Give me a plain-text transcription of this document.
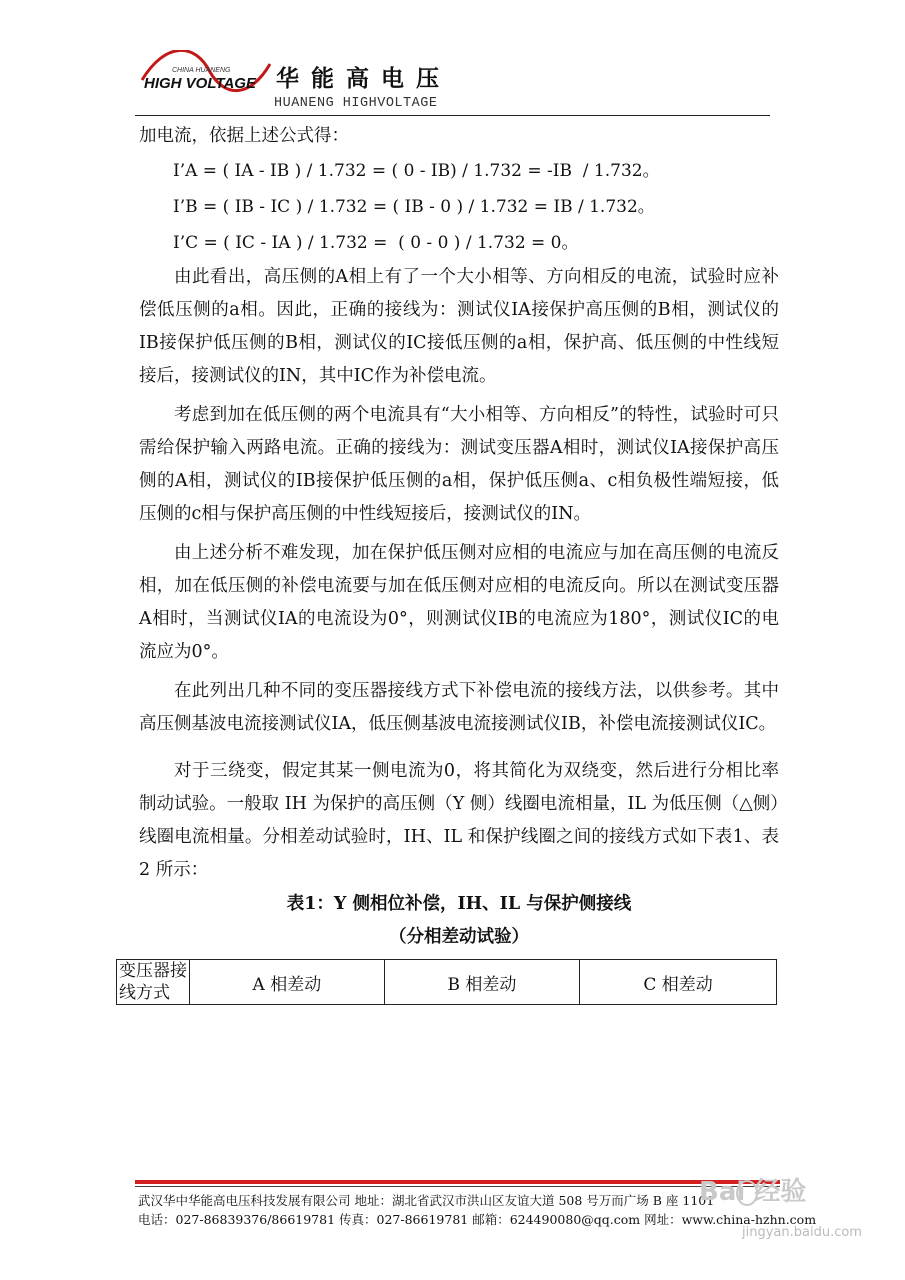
CHINA HUANENG
HIGH VOLTAGE 华能高电压
HUANENG HIGHVOLTAGE

加电流，依据上述公式得：

I’A = ( IA - IB ) / 1.732 = ( 0 - IB) / 1.732 = -IB  / 1.732。

I’B = ( IB - IC ) / 1.732 = ( IB - 0 ) / 1.732 = IB / 1.732。

I’C = ( IC - IA ) / 1.732 =  ( 0 - 0 ) / 1.732 = 0。

由此看出，高压侧的A相上有了一个大小相等、方向相反的电流，试验时应补偿低压侧的a相。因此，正确的接线为：测试仪IA接保护高压侧的B相，测试仪的IB接保护低压侧的B相，测试仪的IC接低压侧的a相，保护高、低压侧的中性线短接后，接测试仪的IN，其中IC作为补偿电流。

考虑到加在低压侧的两个电流具有“大小相等、方向相反”的特性，试验时可只需给保护输入两路电流。正确的接线为：测试变压器A相时，测试仪IA接保护高压侧的A相，测试仪的IB接保护低压侧的a相，保护低压侧a、c相负极性端短接，低压侧的c相与保护高压侧的中性线短接后，接测试仪的IN。

由上述分析不难发现，加在保护低压侧对应相的电流应与加在高压侧的电流反相，加在低压侧的补偿电流要与加在低压侧对应相的电流反向。所以在测试变压器A相时，当测试仪IA的电流设为0°，则测试仪IB的电流应为180°，测试仪IC的电流应为0°。

在此列出几种不同的变压器接线方式下补偿电流的接线方法，以供参考。其中高压侧基波电流接测试仪IA，低压侧基波电流接测试仪IB，补偿电流接测试仪IC。

对于三绕变，假定其某一侧电流为0，将其简化为双绕变，然后进行分相比率制动试验。一般取 IH 为保护的高压侧（Y 侧）线圈电流相量，IL 为低压侧（△侧）线圈电流相量。分相差动试验时，IH、IL 和保护线圈之间的接线方式如下表1、表2 所示：

表1：Y 侧相位补偿，IH、IL 与保护侧接线

（分相差动试验）

变压器接线方式	A 相差动	B 相差动	C 相差动
武汉华中华能高电压科技发展有限公司 地址：湖北省武汉市洪山区友谊大道 508 号万而广场 B 座 1101
电话：027-86839376/86619781 传真：027-86619781 邮箱：624490080@qq.com 网址：www.china-hzhn.com
Bai 经验
jingyan.baidu.com
